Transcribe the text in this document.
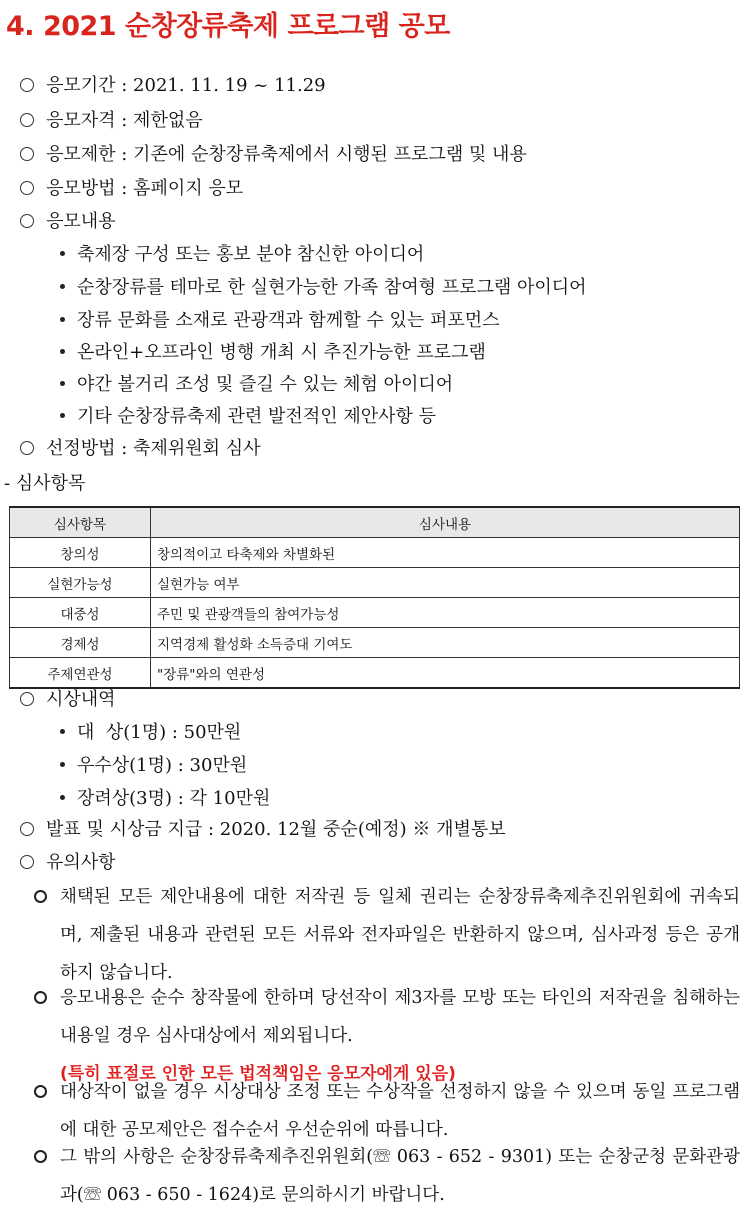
4. 2021 순창장류축제 프로그램 공모
응모기간 : 2021. 11. 19 ~ 11.29
응모자격 : 제한없음
응모제한 : 기존에 순창장류축제에서 시행된 프로그램 및 내용
응모방법 : 홈페이지 응모
응모내용
축제장 구성 또는 홍보 분야 참신한 아이디어
순창장류를 테마로 한 실현가능한 가족 참여형 프로그램 아이디어
장류 문화를 소재로 관광객과 함께할 수 있는 퍼포먼스
온라인+오프라인 병행 개최 시 추진가능한 프로그램
야간 볼거리 조성 및 즐길 수 있는 체험 아이디어
기타 순창장류축제 관련 발전적인 제안사항 등
선정방법 : 축제위원회 심사
- 심사항목
심사항목	심사내용
창의성	창의적이고 타축제와 차별화된
실현가능성	실현가능 여부
대중성	주민 및 관광객들의 참여가능성
경제성	지역경제 활성화 소득증대 기여도
주제연관성	"장류"와의 연관성
시상내역
대  상(1명) : 50만원
우수상(1명) : 30만원
장려상(3명) : 각 10만원
발표 및 시상금 지급 : 2020. 12월 중순(예정) ※ 개별통보
유의사항
채택된 모든 제안내용에 대한 저작권 등 일체 권리는 순창장류축제추진위원회에 귀속되며, 제출된 내용과 관련된 모든 서류와 전자파일은 반환하지 않으며, 심사과정 등은 공개하지 않습니다.
응모내용은 순수 창작물에 한하며 당선작이 제3자를 모방 또는 타인의 저작권을 침해하는 내용일 경우 심사대상에서 제외됩니다.
(특히 표절로 인한 모든 법적책임은 응모자에게 있음)
대상작이 없을 경우 시상대상 조정 또는 수상작을 선정하지 않을 수 있으며 동일 프로그램에 대한 공모제안은 접수순서 우선순위에 따릅니다.
그 밖의 사항은 순창장류축제추진위원회(☏ 063 - 652 - 9301) 또는 순창군청 문화관광과(☏ 063 - 650 - 1624)로 문의하시기 바랍니다.
